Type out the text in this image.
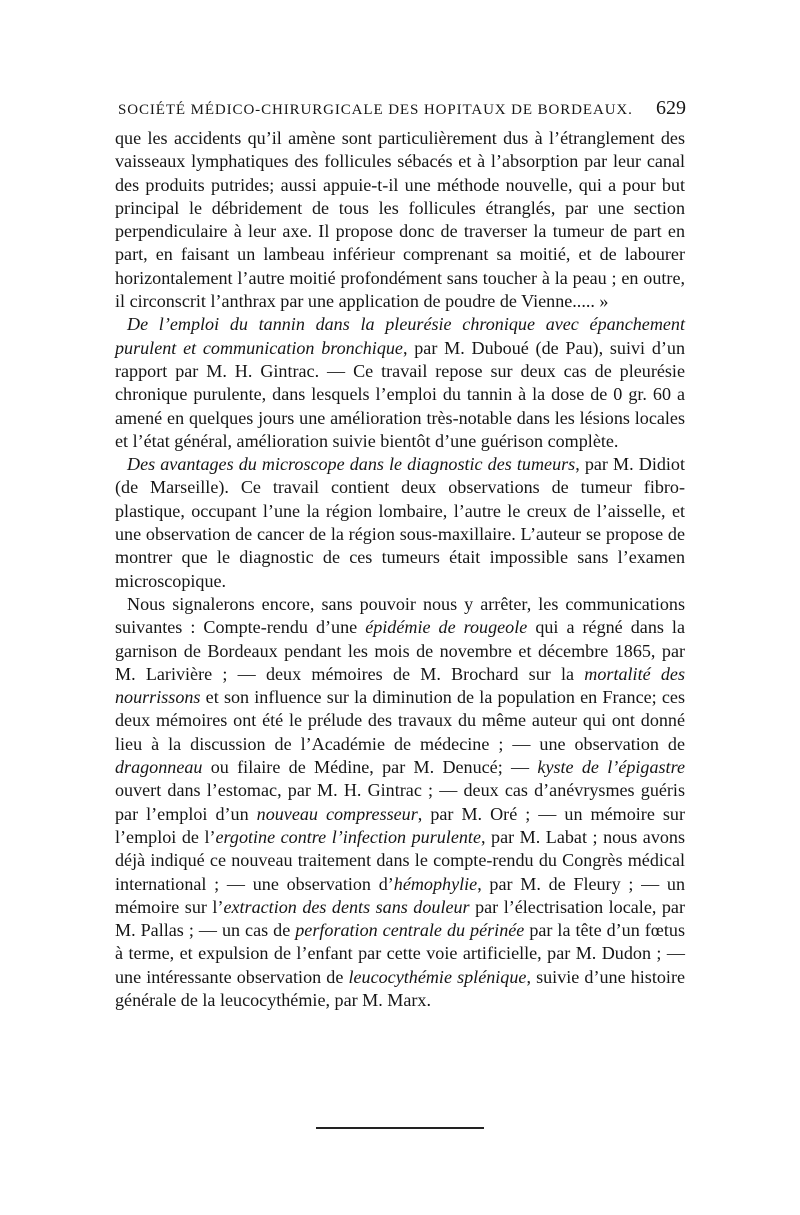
SOCIÉTÉ MÉDICO-CHIRURGICALE DES HOPITAUX DE BORDEAUX.	629

que les accidents qu’il amène sont particulièrement dus à l’étranglement des vaisseaux lymphatiques des follicules sébacés et à l’absorption par leur canal des produits putrides; aussi appuie-t-il une méthode nouvelle, qui a pour but principal le débridement de tous les follicules étranglés, par une section perpendiculaire à leur axe. Il propose donc de traverser la tumeur de part en part, en faisant un lambeau inférieur comprenant sa moitié, et de labourer horizontalement l’autre moitié profondément sans toucher à la peau ; en outre, il circonscrit l’anthrax par une application de poudre de Vienne..... »

De l’emploi du tannin dans la pleurésie chronique avec épanchement purulent et communication bronchique, par M. Duboué (de Pau), suivi d’un rapport par M. H. Gintrac. — Ce travail repose sur deux cas de pleurésie chronique purulente, dans lesquels l’emploi du tannin à la dose de 0 gr. 60 a amené en quelques jours une amélioration très-notable dans les lésions locales et l’état général, amélioration suivie bientôt d’une guérison complète.

Des avantages du microscope dans le diagnostic des tumeurs, par M. Didiot (de Marseille). Ce travail contient deux observations de tumeur fibro-plastique, occupant l’une la région lombaire, l’autre le creux de l’aisselle, et une observation de cancer de la région sous-maxillaire. L’auteur se propose de montrer que le diagnostic de ces tumeurs était impossible sans l’examen microscopique.

Nous signalerons encore, sans pouvoir nous y arrêter, les communications suivantes : Compte-rendu d’une épidémie de rougeole qui a régné dans la garnison de Bordeaux pendant les mois de novembre et décembre 1865, par M. Larivière ; — deux mémoires de M. Brochard sur la mortalité des nourrissons et son influence sur la diminution de la population en France; ces deux mémoires ont été le prélude des travaux du même auteur qui ont donné lieu à la discussion de l’Académie de médecine ; — une observation de dragonneau ou filaire de Médine, par M. Denucé; — kyste de l’épigastre ouvert dans l’estomac, par M. H. Gintrac ; — deux cas d’anévrysmes guéris par l’emploi d’un nouveau compresseur, par M. Oré ; — un mémoire sur l’emploi de l’ergotine contre l’infection purulente, par M. Labat ; nous avons déjà indiqué ce nouveau traitement dans le compte-rendu du Congrès médical international ; — une observation d’hémophylie, par M. de Fleury ; — un mémoire sur l’extraction des dents sans douleur par l’électrisation locale, par M. Pallas ; — un cas de perforation centrale du périnée par la tête d’un fœtus à terme, et expulsion de l’enfant par cette voie artificielle, par M. Dudon ; — une intéressante observation de leucocythémie splénique, suivie d’une histoire générale de la leucocythémie, par M. Marx.
